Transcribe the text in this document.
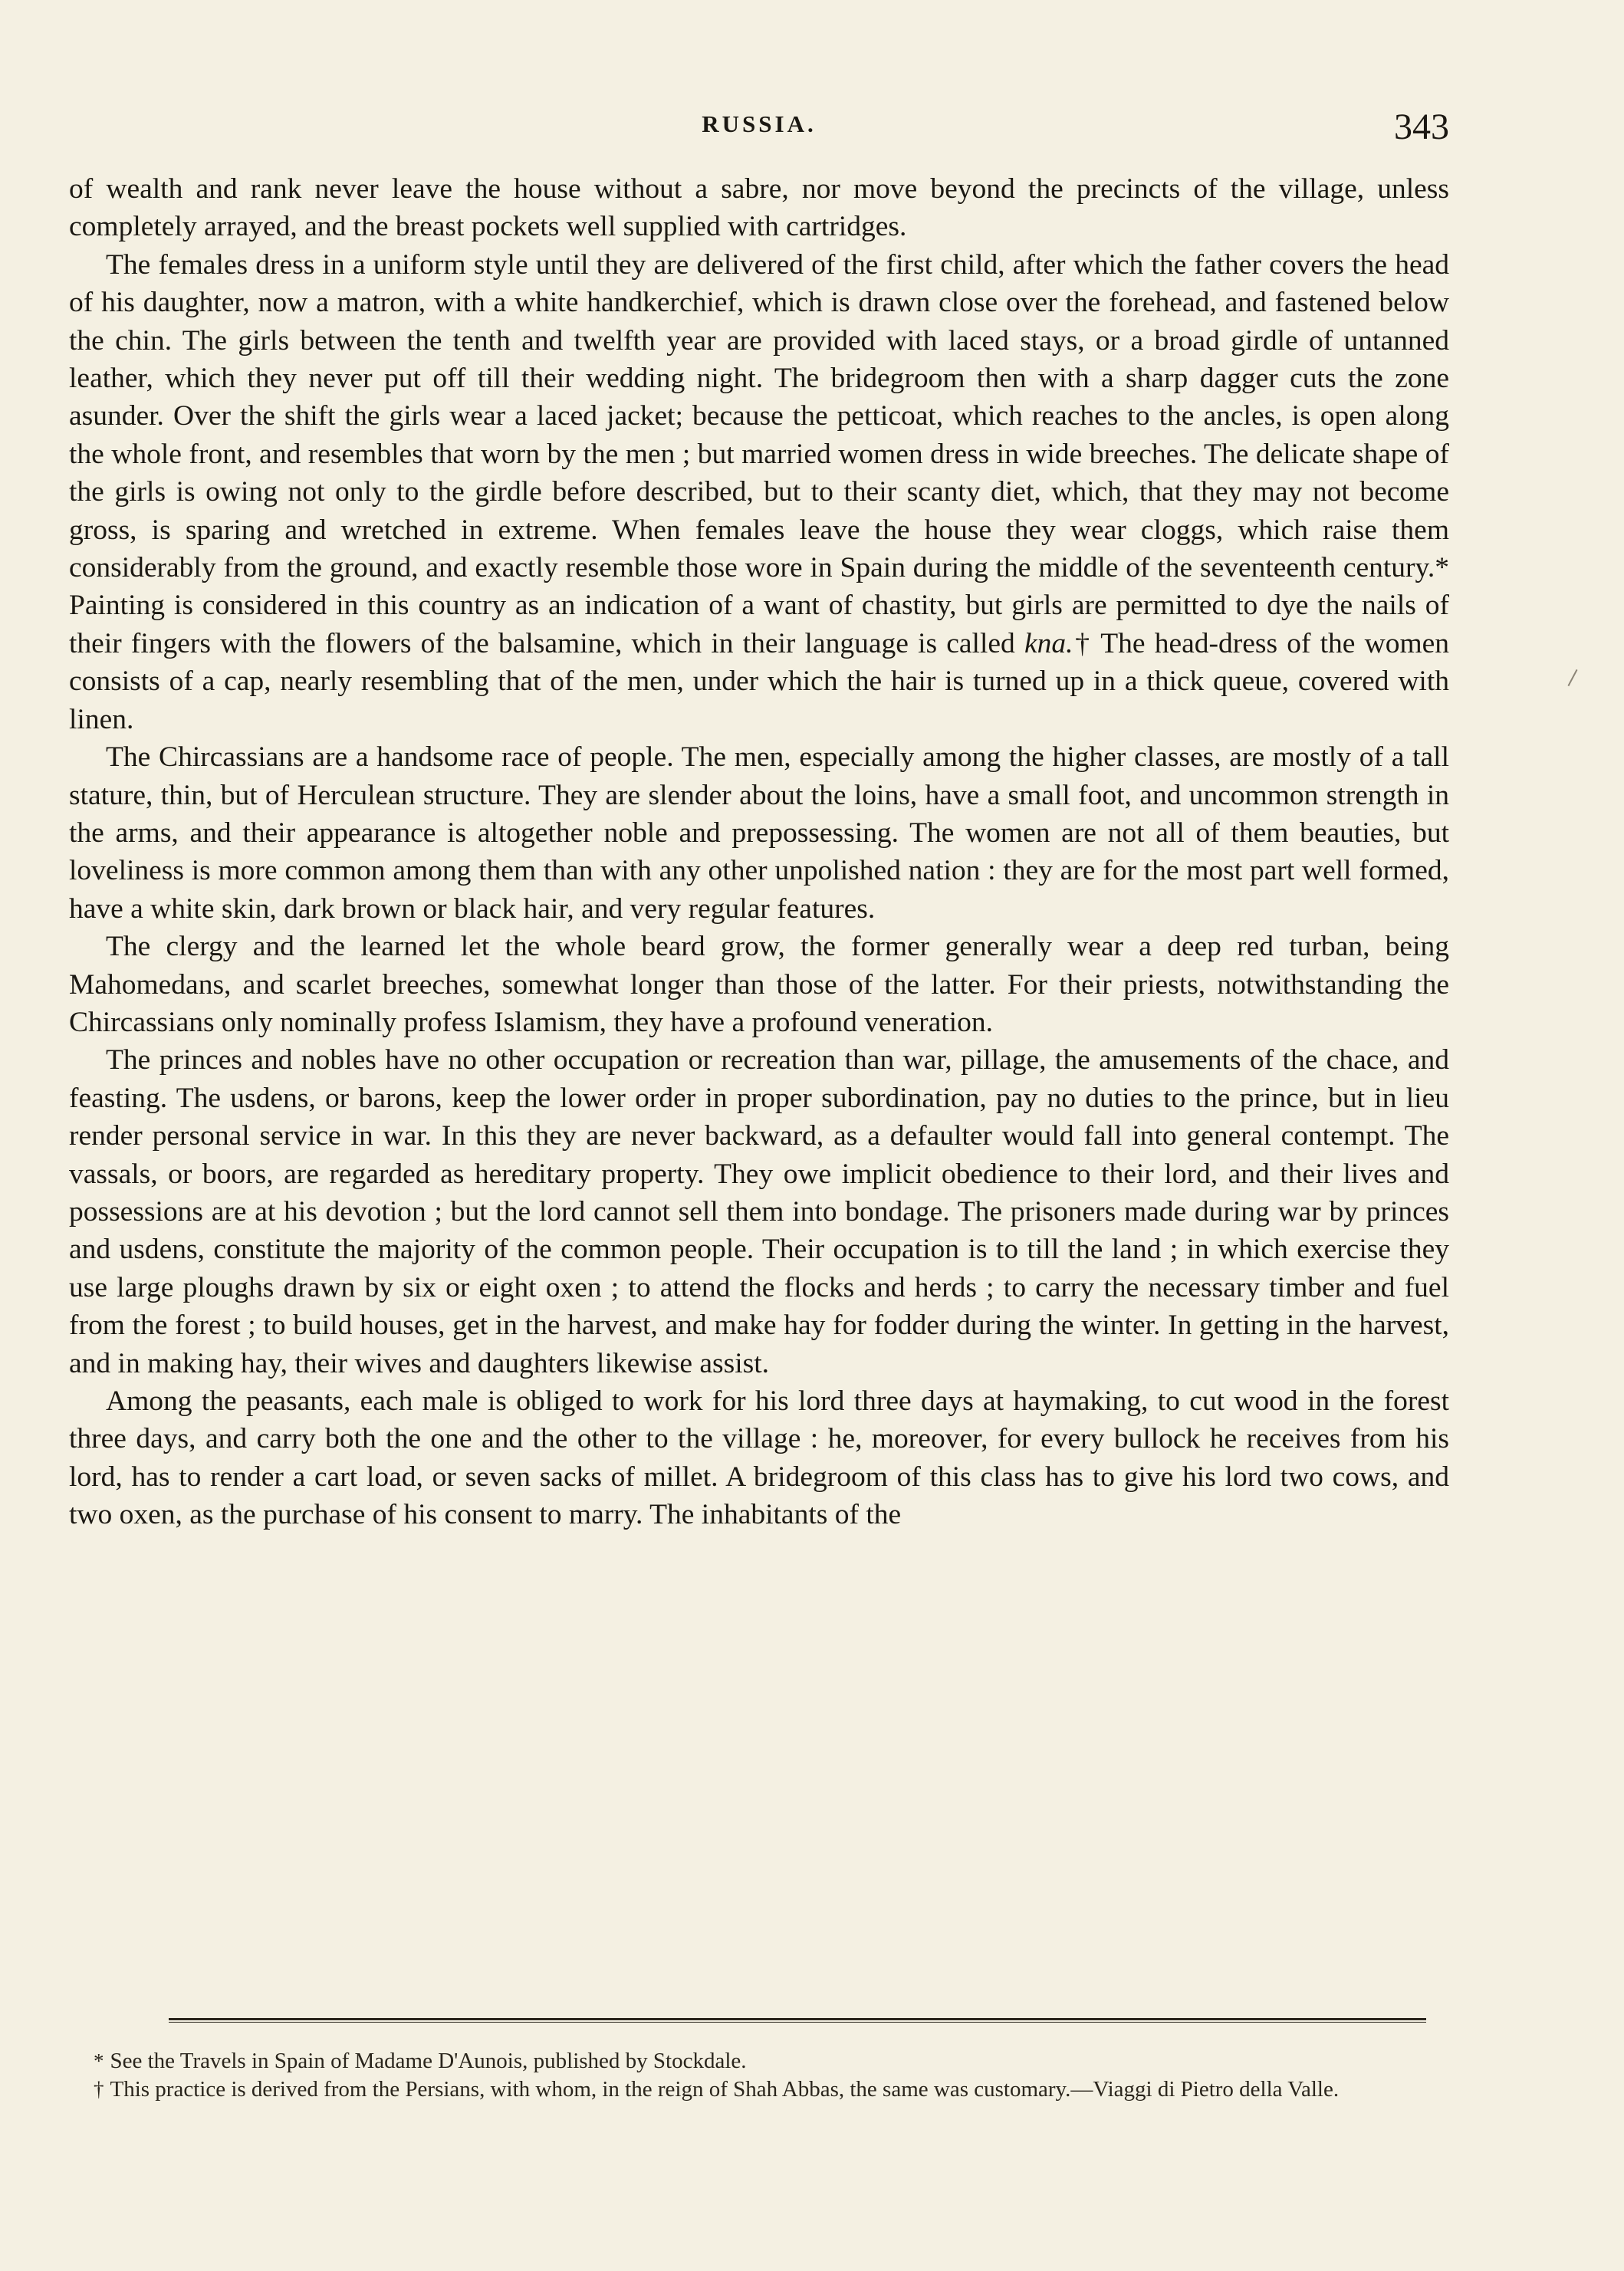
RUSSIA.	343

of wealth and rank never leave the house without a sabre, nor move beyond the precincts of the village, unless completely arrayed, and the breast pockets well supplied with cartridges.

The females dress in a uniform style until they are delivered of the first child, after which the father covers the head of his daughter, now a matron, with a white handkerchief, which is drawn close over the forehead, and fastened below the chin. The girls between the tenth and twelfth year are provided with laced stays, or a broad girdle of untanned leather, which they never put off till their wedding night. The bridegroom then with a sharp dagger cuts the zone asunder. Over the shift the girls wear a laced jacket; because the petticoat, which reaches to the ancles, is open along the whole front, and resembles that worn by the men ; but married women dress in wide breeches. The delicate shape of the girls is owing not only to the girdle before described, but to their scanty diet, which, that they may not become gross, is sparing and wretched in extreme. When females leave the house they wear cloggs, which raise them considerably from the ground, and exactly resemble those wore in Spain during the middle of the seventeenth century.* Painting is considered in this country as an indication of a want of chastity, but girls are permitted to dye the nails of their fingers with the flowers of the balsamine, which in their language is called kna.† The head-dress of the women consists of a cap, nearly resembling that of the men, under which the hair is turned up in a thick queue, covered with linen.

The Chircassians are a handsome race of people. The men, especially among the higher classes, are mostly of a tall stature, thin, but of Herculean structure. They are slender about the loins, have a small foot, and uncommon strength in the arms, and their appearance is altogether noble and prepossessing. The women are not all of them beauties, but loveliness is more common among them than with any other unpolished nation : they are for the most part well formed, have a white skin, dark brown or black hair, and very regular features.

The clergy and the learned let the whole beard grow, the former generally wear a deep red turban, being Mahomedans, and scarlet breeches, somewhat longer than those of the latter. For their priests, notwithstanding the Chircassians only nominally profess Islamism, they have a profound veneration.

The princes and nobles have no other occupation or recreation than war, pillage, the amusements of the chace, and feasting. The usdens, or barons, keep the lower order in proper subordination, pay no duties to the prince, but in lieu render personal service in war. In this they are never backward, as a defaulter would fall into general contempt. The vassals, or boors, are regarded as hereditary property. They owe implicit obedience to their lord, and their lives and possessions are at his devotion ; but the lord cannot sell them into bondage. The prisoners made during war by princes and usdens, constitute the majority of the common people. Their occupation is to till the land ; in which exercise they use large ploughs drawn by six or eight oxen ; to attend the flocks and herds ; to carry the necessary timber and fuel from the forest ; to build houses, get in the harvest, and make hay for fodder during the winter. In getting in the harvest, and in making hay, their wives and daughters likewise assist.

Among the peasants, each male is obliged to work for his lord three days at haymaking, to cut wood in the forest three days, and carry both the one and the other to the village : he, moreover, for every bullock he receives from his lord, has to render a cart load, or seven sacks of millet. A bridegroom of this class has to give his lord two cows, and two oxen, as the purchase of his consent to marry. The inhabitants of the

* See the Travels in Spain of Madame D'Aunois, published by Stockdale.

† This practice is derived from the Persians, with whom, in the reign of Shah Abbas, the same was customary.—Viaggi di Pietro della Valle.
